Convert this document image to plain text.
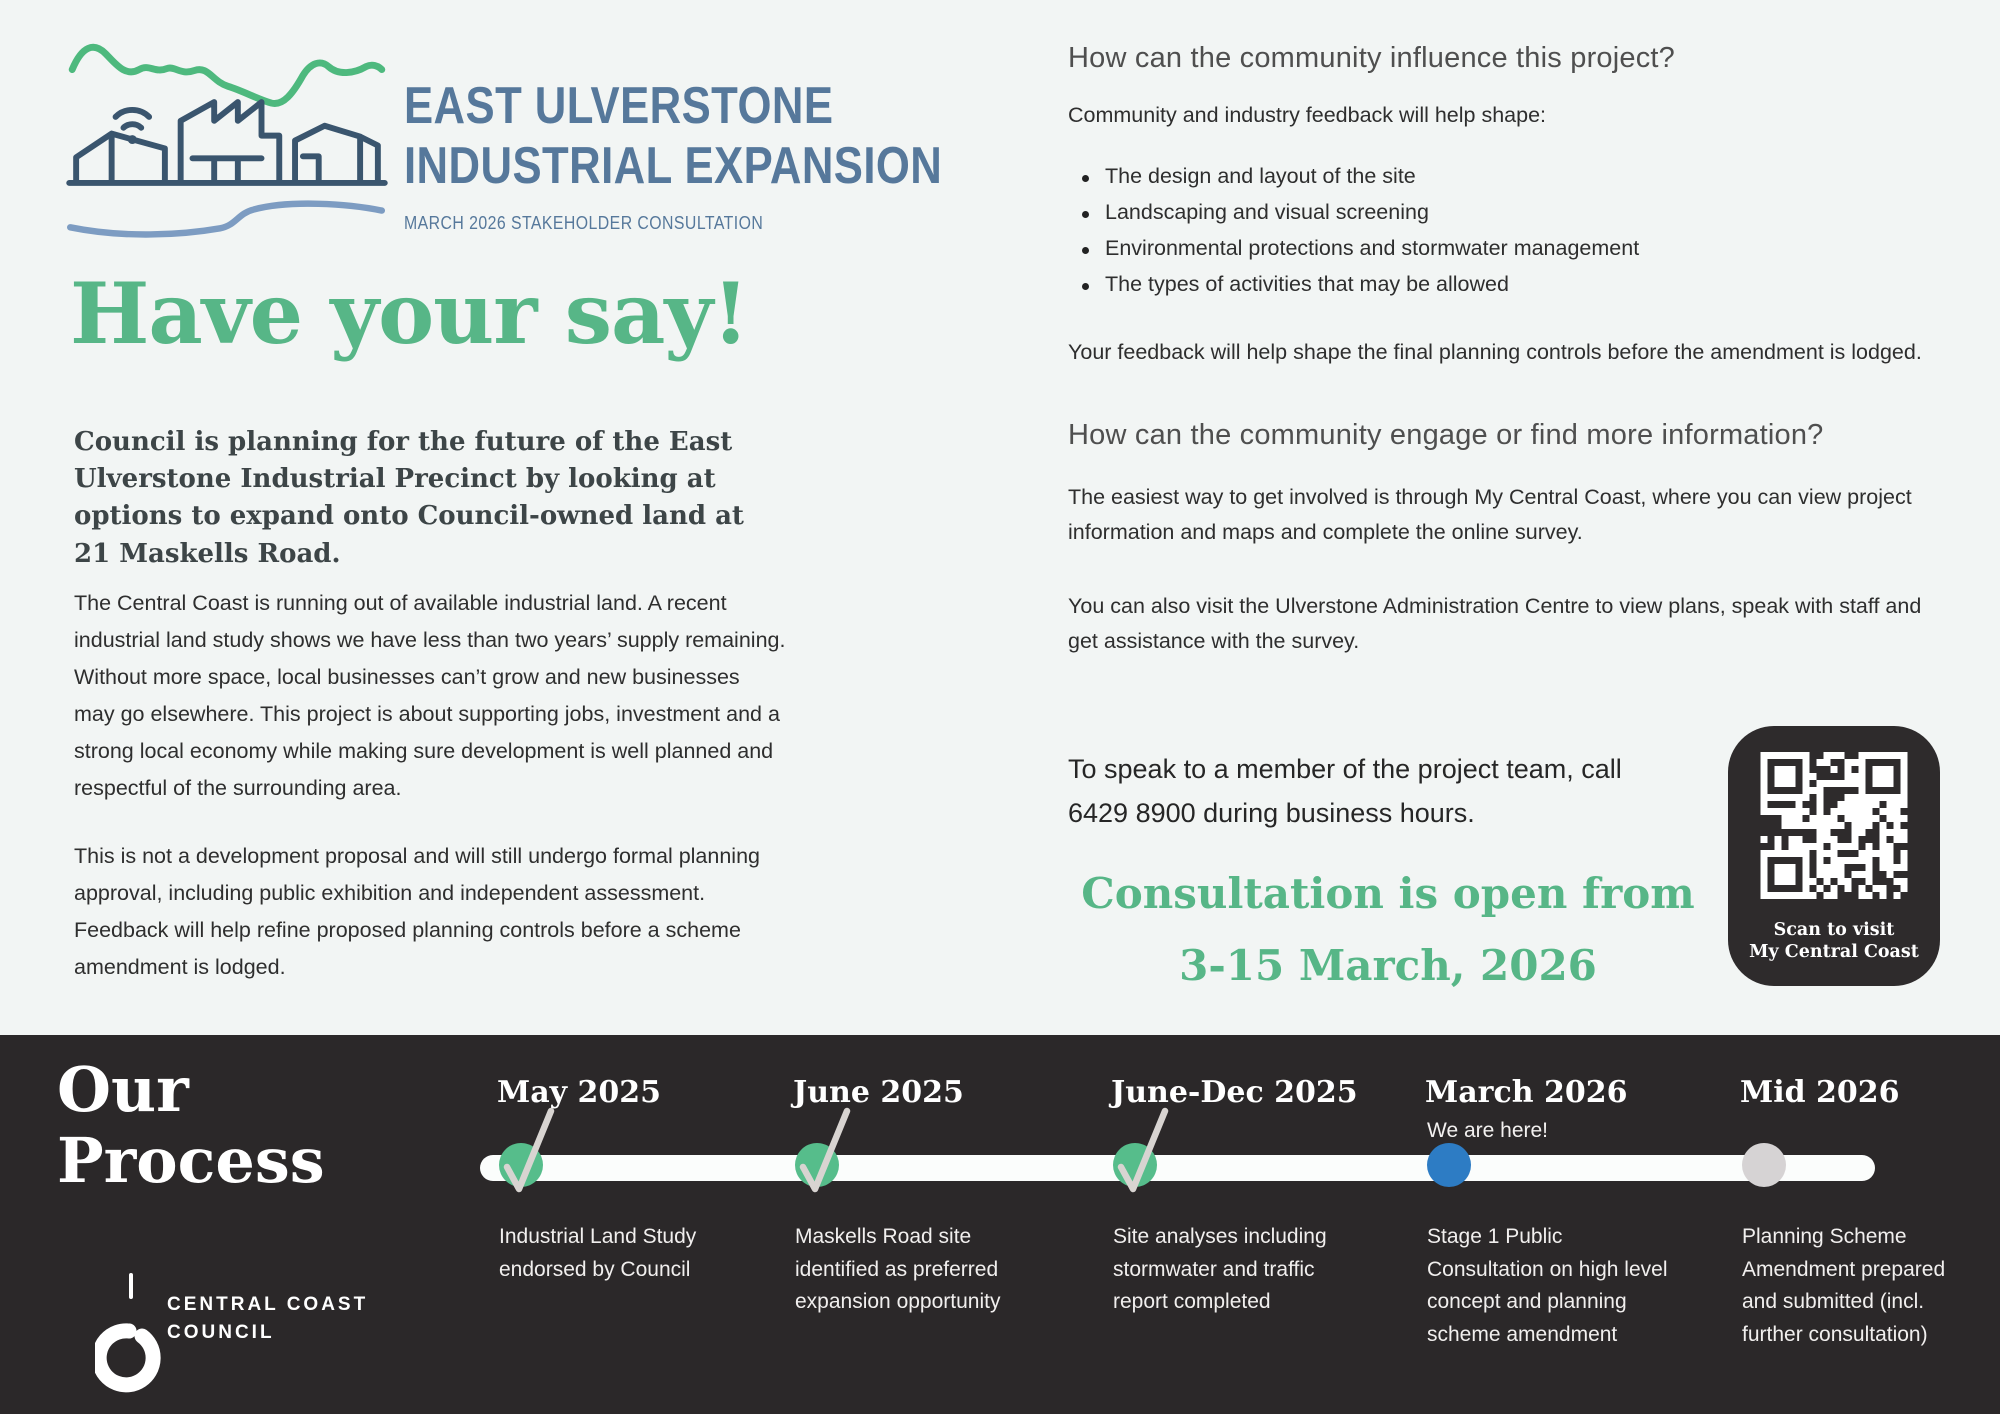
EAST ULVERSTONE
INDUSTRIAL EXPANSION
MARCH 2026 STAKEHOLDER CONSULTATION
Have your say!

Council is planning for the future of the East Ulverstone Industrial Precinct by looking at options to expand onto Council-owned land at 21 Maskells Road.

The Central Coast is running out of available industrial land. A recent industrial land study shows we have less than two years’ supply remaining. Without more space, local businesses can’t grow and new businesses may go elsewhere. This project is about supporting jobs, investment and a strong local economy while making sure development is well planned and respectful of the surrounding area.

This is not a development proposal and will still undergo formal planning approval, including public exhibition and independent assessment. Feedback will help refine proposed planning controls before a scheme amendment is lodged.

How can the community influence this project?

Community and industry feedback will help shape:

The design and layout of the site
Landscaping and visual screening
Environmental protections and stormwater management
The types of activities that may be allowed

Your feedback will help shape the final planning controls before the amendment is lodged.

How can the community engage or find more information?

The easiest way to get involved is through My Central Coast, where you can view project information and maps and complete the online survey.

You can also visit the Ulverstone Administration Centre to view plans, speak with staff and get assistance with the survey.

To speak to a member of the project team, call 6429 8900 during business hours.

Consultation is open from
3-15 March, 2026
Scan to visit
My Central Coast
Our
Process
CENTRAL COAST
COUNCIL
May 2025
Industrial Land Study endorsed by Council
June 2025
Maskells Road site identified as preferred expansion opportunity
June-Dec 2025
Site analyses including stormwater and traffic report completed
March 2026
We are here!
Stage 1 Public Consultation on high level concept and planning scheme amendment
Mid 2026
Planning Scheme Amendment prepared and submitted (incl. further consultation)
